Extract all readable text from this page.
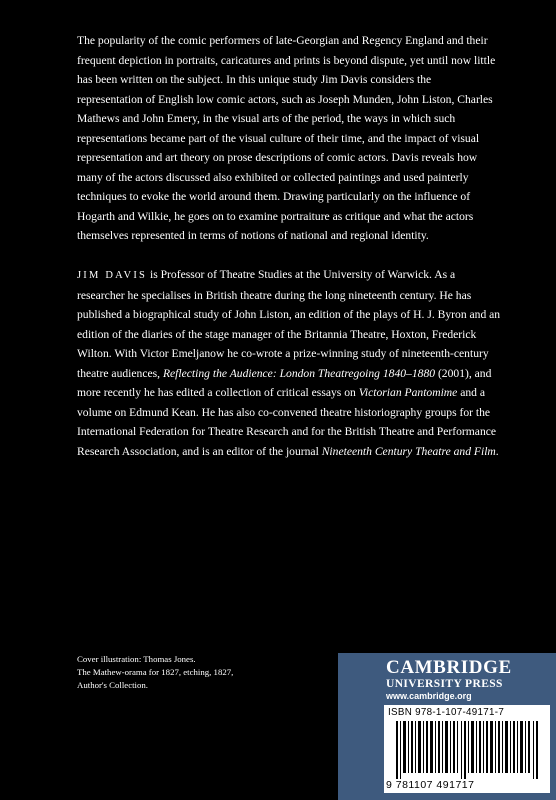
The popularity of the comic performers of late-Georgian and Regency England and their frequent depiction in portraits, caricatures and prints is beyond dispute, yet until now little has been written on the subject. In this unique study Jim Davis considers the representation of English low comic actors, such as Joseph Munden, John Liston, Charles Mathews and John Emery, in the visual arts of the period, the ways in which such representations became part of the visual culture of their time, and the impact of visual representation and art theory on prose descriptions of comic actors. Davis reveals how many of the actors discussed also exhibited or collected paintings and used painterly techniques to evoke the world around them. Drawing particularly on the influence of Hogarth and Wilkie, he goes on to examine portraiture as critique and what the actors themselves represented in terms of notions of national and regional identity.

JIM DAVIS is Professor of Theatre Studies at the University of Warwick. As a researcher he specialises in British theatre during the long nineteenth century. He has published a biographical study of John Liston, an edition of the plays of H. J. Byron and an edition of the diaries of the stage manager of the Britannia Theatre, Hoxton, Frederick Wilton. With Victor Emeljanow he co-wrote a prize-winning study of nineteenth-century theatre audiences, Reflecting the Audience: London Theatregoing 1840–1880 (2001), and more recently he has edited a collection of critical essays on Victorian Pantomime and a volume on Edmund Kean. He has also co-convened theatre historiography groups for the International Federation for Theatre Research and for the British Theatre and Performance Research Association, and is an editor of the journal Nineteenth Century Theatre and Film.

Cover illustration: Thomas Jones.
The Mathew-orama for 1827, etching, 1827,
Author's Collection.
CAMBRIDGE
UNIVERSITY PRESS
www.cambridge.org
ISBN 978-1-107-49171-7
9 781107 491717
